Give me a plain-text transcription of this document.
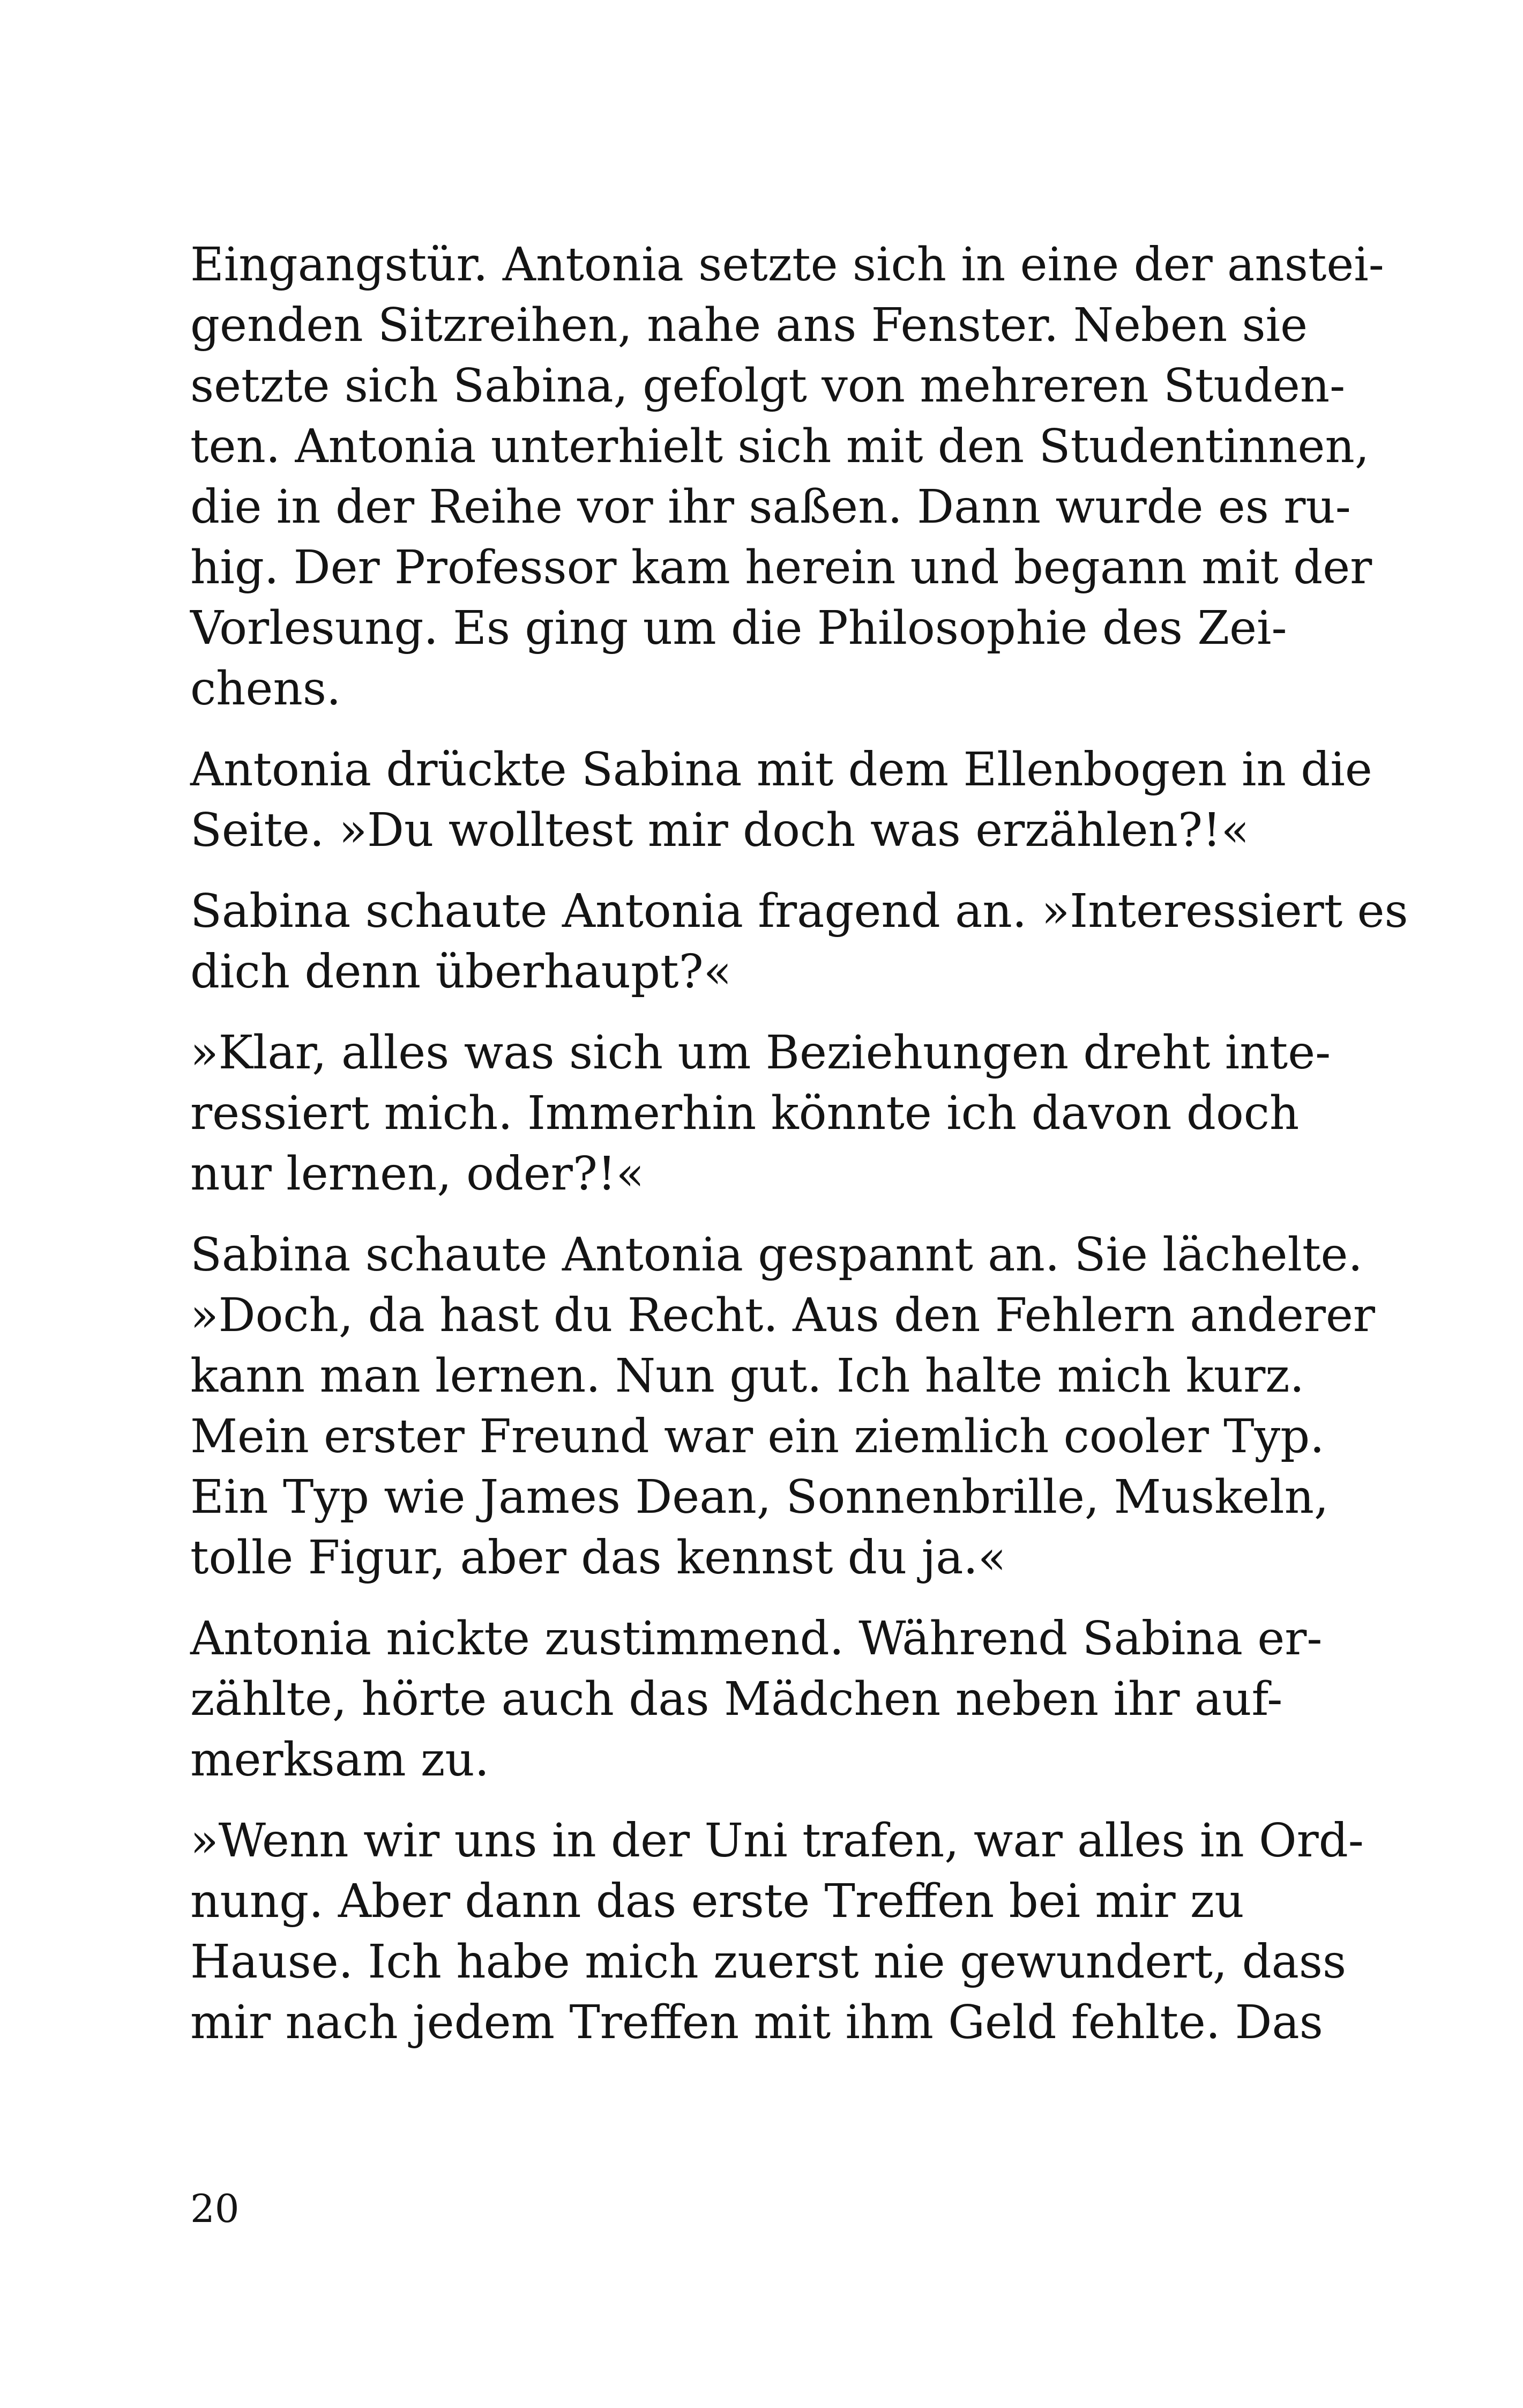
Eingangstür. Antonia setzte sich in eine der anstei-
genden Sitzreihen, nahe ans Fenster. Neben sie
setzte sich Sabina, gefolgt von mehreren Studen-
ten. Antonia unterhielt sich mit den Studentinnen,
die in der Reihe vor ihr saßen. Dann wurde es ru-
hig. Der Professor kam herein und begann mit der
Vorlesung. Es ging um die Philosophie des Zei-
chens.

Antonia drückte Sabina mit dem Ellenbogen in die
Seite. »Du wolltest mir doch was erzählen?!«

Sabina schaute Antonia fragend an. »Interessiert es
dich denn überhaupt?«

»Klar, alles was sich um Beziehungen dreht inte-
ressiert mich. Immerhin könnte ich davon doch
nur lernen, oder?!«

Sabina schaute Antonia gespannt an. Sie lächelte.
»Doch, da hast du Recht. Aus den Fehlern anderer
kann man lernen. Nun gut. Ich halte mich kurz.
Mein erster Freund war ein ziemlich cooler Typ.
Ein Typ wie James Dean, Sonnenbrille, Muskeln,
tolle Figur, aber das kennst du ja.«

Antonia nickte zustimmend. Während Sabina er-
zählte, hörte auch das Mädchen neben ihr auf-
merksam zu.

»Wenn wir uns in der Uni trafen, war alles in Ord-
nung. Aber dann das erste Treffen bei mir zu
Hause. Ich habe mich zuerst nie gewundert, dass
mir nach jedem Treffen mit ihm Geld fehlte. Das

20
